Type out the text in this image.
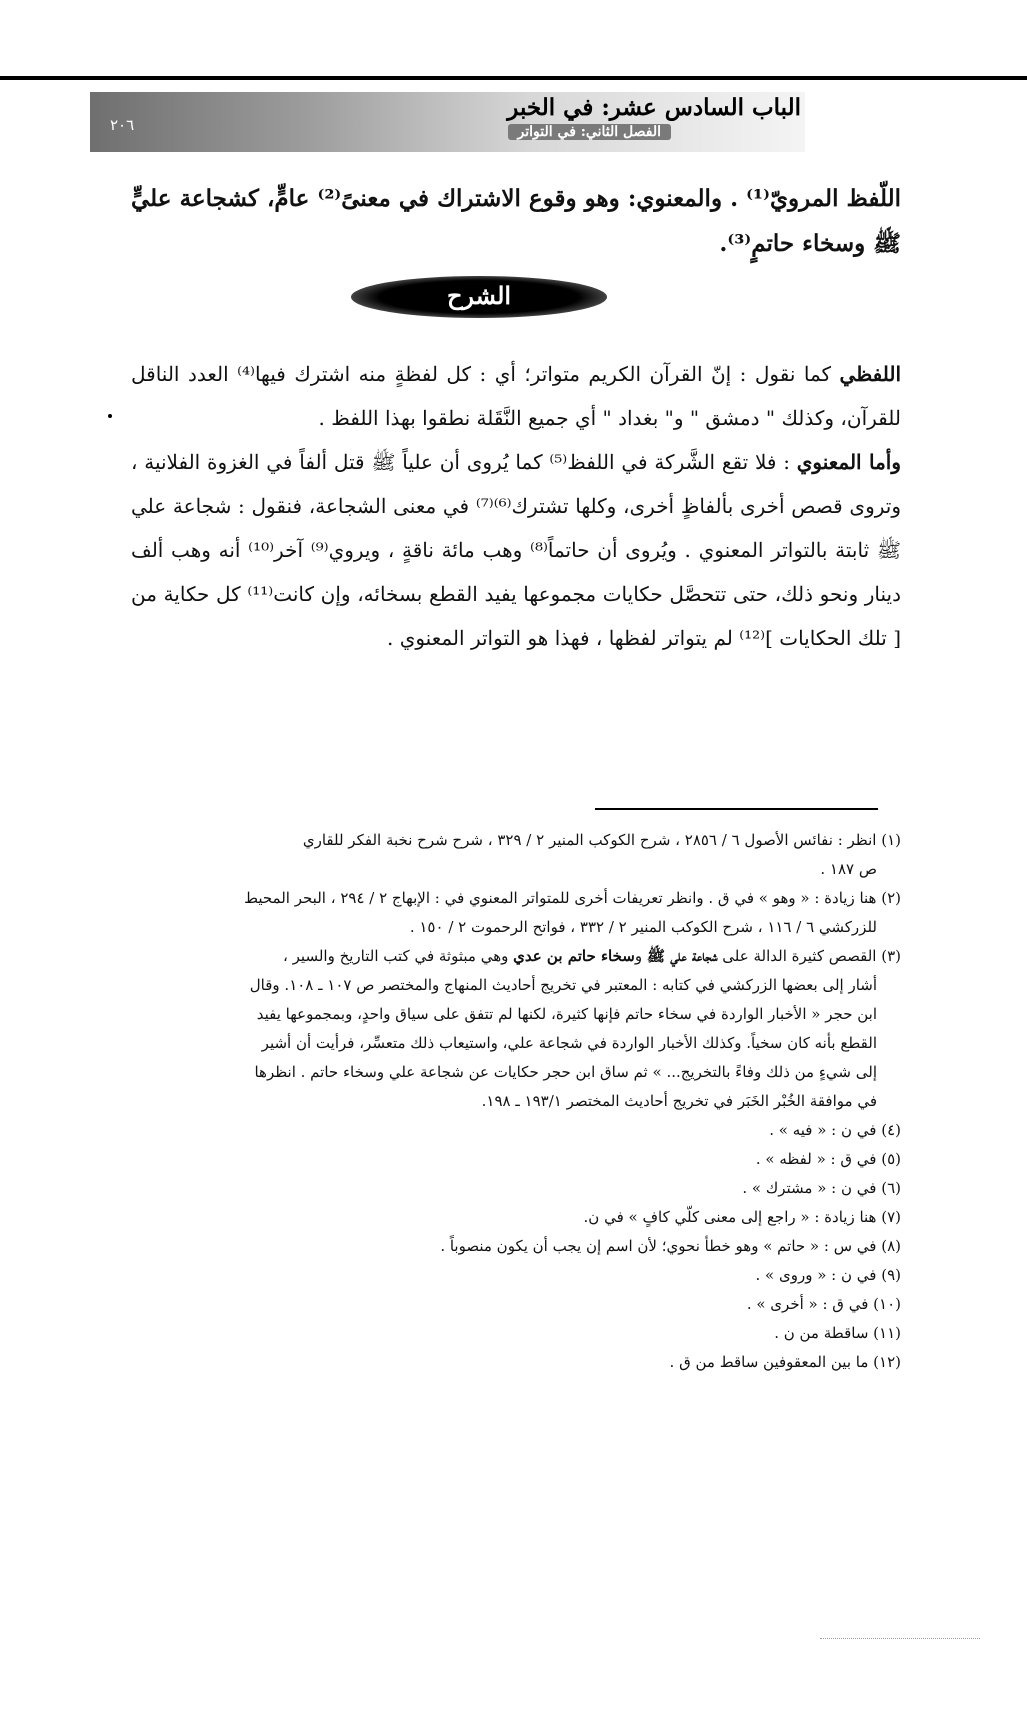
الباب السادس عشر: في الخبر
الفصل الثاني: في التواتر
٢٠٦
اللّفظ المرويّ⁽¹⁾ . والمعنوي: وهو وقوع الاشتراك في معنىً⁽²⁾ عامٍّ، كشجاعة عليٍّ ﷺ وسخاء حاتمٍ⁽³⁾.
الشرح

اللفظي كما نقول : إنّ القرآن الكريم متواتر؛ أي : كل لفظةٍ منه اشترك فيها⁽⁴⁾ العدد الناقل للقرآن، وكذلك " دمشق " و" بغداد " أي جميع النَّقَلة نطقوا بهذا اللفظ .

وأما المعنوي : فلا تقع الشَّركة في اللفظ⁽⁵⁾ كما يُروى أن علياً ﷺ قتل ألفاً في الغزوة الفلانية ، وتروى قصص أخرى بألفاظٍ أخرى، وكلها تشترك⁽⁶⁾⁽⁷⁾ في معنى الشجاعة، فنقول : شجاعة علي ﷺ ثابتة بالتواتر المعنوي . ويُروى أن حاتماً⁽⁸⁾ وهب مائة ناقةٍ ، ويروي⁽⁹⁾ آخر⁽¹⁰⁾ أنه وهب ألف دينار ونحو ذلك، حتى تتحصَّل حكايات مجموعها يفيد القطع بسخائه، وإن كانت⁽¹¹⁾ كل حكاية من [ تلك الحكايات ]⁽¹²⁾ لم يتواتر لفظها ، فهذا هو التواتر المعنوي .

(١) انظر : نفائس الأصول ٦ / ٢٨٥٦ ، شرح الكوكب المنير ٢ / ٣٢٩ ، شرح شرح نخبة الفكر للقاري

ص ١٨٧ .

(٢) هنا زيادة : « وهو » في ق . وانظر تعريفات أخرى للمتواتر المعنوي في : الإبهاج ٢ / ٢٩٤ ، البحر المحيط

للزركشي ٦ / ١١٦ ، شرح الكوكب المنير ٢ / ٣٣٢ ، فواتح الرحموت ٢ / ١٥٠ .

(٣) القصص كثيرة الدالة على شجاعة علي ﷺ وسخاء حاتم بن عدي وهي مبثوثة في كتب التاريخ والسير ،

أشار إلى بعضها الزركشي في كتابه : المعتبر في تخريج أحاديث المنهاج والمختصر ص ١٠٧ ـ ١٠٨. وقال

ابن حجر « الأخبار الواردة في سخاء حاتم فإنها كثيرة، لكنها لم تتفق على سياق واحدٍ، وبمجموعها يفيد

القطع بأنه كان سخياً. وكذلك الأخبار الواردة في شجاعة علي، واستيعاب ذلك متعسِّر، فرأيت أن أشير

إلى شيءٍ من ذلك وفاءً بالتخريج... » ثم ساق ابن حجر حكايات عن شجاعة علي وسخاء حاتم . انظرها

في موافقة الخُبْر الخَبَر في تخريج أحاديث المختصر ١٩٣/١ ـ ١٩٨.

(٤) في ن : « فيه » .

(٥) في ق : « لفظه » .

(٦) في ن : « مشترك » .

(٧) هنا زيادة : « راجع إلى معنى كلّي كافٍ » في ن.

(٨) في س : « حاتم » وهو خطأ نحوي؛ لأن اسم إن يجب أن يكون منصوباً .

(٩) في ن : « وروى » .

(١٠) في ق : « أخرى » .

(١١) ساقطة من ن .

(١٢) ما بين المعقوفين ساقط من ق .
